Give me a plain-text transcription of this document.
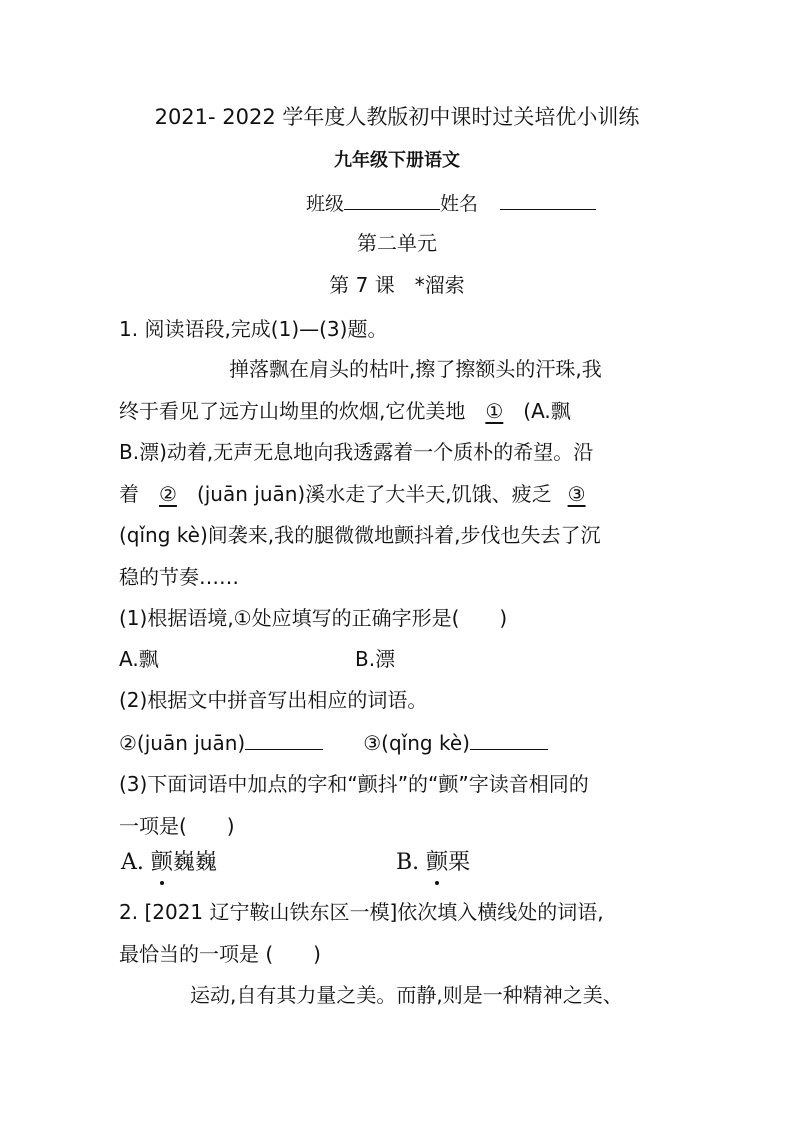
2021- 2022 学年度人教版初中课时过关培优小训练
九年级下册语文
班级	姓名
第二单元
第 7 课　*溜索
1. 阅读语段,完成(1)—(3)题。
掸落飘在肩头的枯叶,擦了擦额头的汗珠,我
终于看见了远方山坳里的炊烟,它优美地 ① (A.飘
B.漂)动着,无声无息地向我透露着一个质朴的希望。沿
着 ② (juān juān)溪水走了大半天,饥饿、疲乏 ③
(qǐng kè)间袭来,我的腿微微地颤抖着,步伐也失去了沉
稳的节奏……
(1)根据语境,①处应填写的正确字形是(　　)
A.飘	B.漂
(2)根据文中拼音写出相应的词语。
②(juān juān)	③(qǐng kè)
(3)下面词语中加点的字和“颤抖”的“颤”字读音相同的
一项是(　　)
A. 颤巍巍	B. 颤栗
2. [2021 辽宁鞍山铁东区一模]依次填入横线处的词语,
最恰当的一项是 (　　)
运动,自有其力量之美。而静,则是一种精神之美、
